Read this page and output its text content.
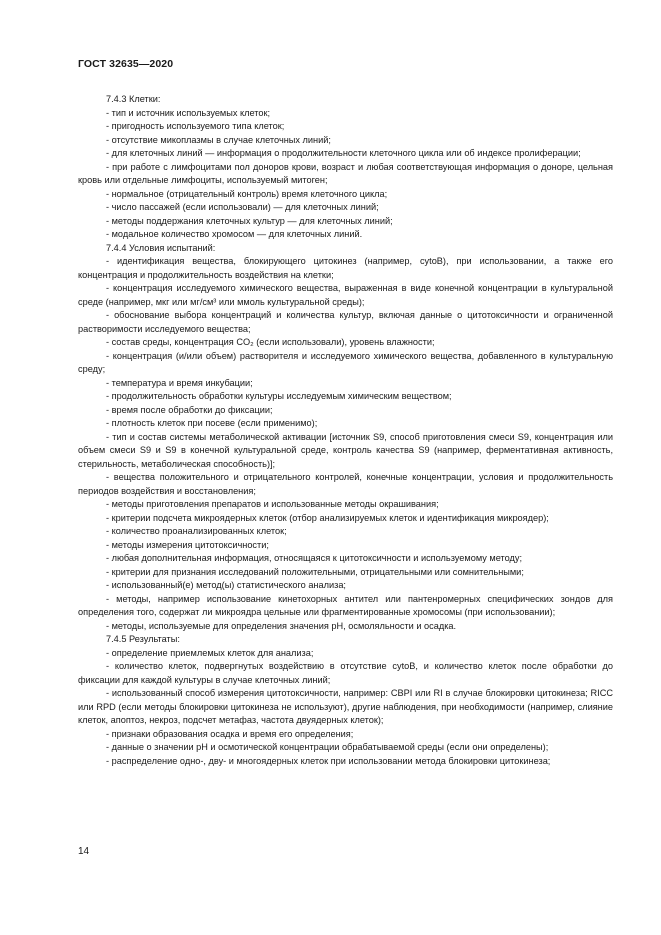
ГОСТ 32635—2020

7.4.3 Клетки:

- тип и источник используемых клеток;

- пригодность используемого типа клеток;

- отсутствие микоплазмы в случае клеточных линий;

- для клеточных линий — информация о продолжительности клеточного цикла или об индексе пролиферации;

- при работе с лимфоцитами пол доноров крови, возраст и любая соответствующая информация о доноре, цельная кровь или отдельные лимфоциты, используемый митоген;

- нормальное (отрицательный контроль) время клеточного цикла;

- число пассажей (если использовали) — для клеточных линий;

- методы поддержания клеточных культур — для клеточных линий;

- модальное количество хромосом — для клеточных линий.

7.4.4 Условия испытаний:

- идентификация вещества, блокирующего цитокинез (например, cytoB), при использовании, а также его концентрация и продолжительность воздействия на клетки;

- концентрация исследуемого химического вещества, выраженная в виде конечной концентрации в культуральной среде (например, мкг или мг/см³ или ммоль культуральной среды);

- обоснование выбора концентраций и количества культур, включая данные о цитотоксичности и ограниченной растворимости исследуемого вещества;

- состав среды, концентрация CO₂ (если использовали), уровень влажности;

- концентрация (и/или объем) растворителя и исследуемого химического вещества, добавленного в культуральную среду;

- температура и время инкубации;

- продолжительность обработки культуры исследуемым химическим веществом;

- время после обработки до фиксации;

- плотность клеток при посеве (если применимо);

- тип и состав системы метаболической активации [источник S9, способ приготовления смеси S9, концентрация или объем смеси S9 и S9 в конечной культуральной среде, контроль качества S9 (например, ферментативная активность, стерильность, метаболическая способность)];

- вещества положительного и отрицательного контролей, конечные концентрации, условия и продолжительность периодов воздействия и восстановления;

- методы приготовления препаратов и использованные методы окрашивания;

- критерии подсчета микроядерных клеток (отбор анализируемых клеток и идентификация микроядер);

- количество проанализированных клеток;

- методы измерения цитотоксичности;

- любая дополнительная информация, относящаяся к цитотоксичности и используемому методу;

- критерии для признания исследований положительными, отрицательными или сомнительными;

- использованный(е) метод(ы) статистического анализа;

- методы, например использование кинетохорных антител или пантенромерных специфических зондов для определения того, содержат ли микроядра цельные или фрагментированные хромосомы (при использовании);

- методы, используемые для определения значения pH, осмоляльности и осадка.

7.4.5 Результаты:

- определение приемлемых клеток для анализа;

- количество клеток, подвергнутых воздействию в отсутствие cytoB, и количество клеток после обработки до фиксации для каждой культуры в случае клеточных линий;

- использованный способ измерения цитотоксичности, например: CBPI или RI в случае блокировки цитокинеза; RICC или RPD (если методы блокировки цитокинеза не используют), другие наблюдения, при необходимости (например, слияние клеток, апоптоз, некроз, подсчет метафаз, частота двуядерных клеток);

- признаки образования осадка и время его определения;

- данные о значении pH и осмотической концентрации обрабатываемой среды (если они определены);

- распределение одно-, дву- и многоядерных клеток при использовании метода блокировки цитокинеза;

14
